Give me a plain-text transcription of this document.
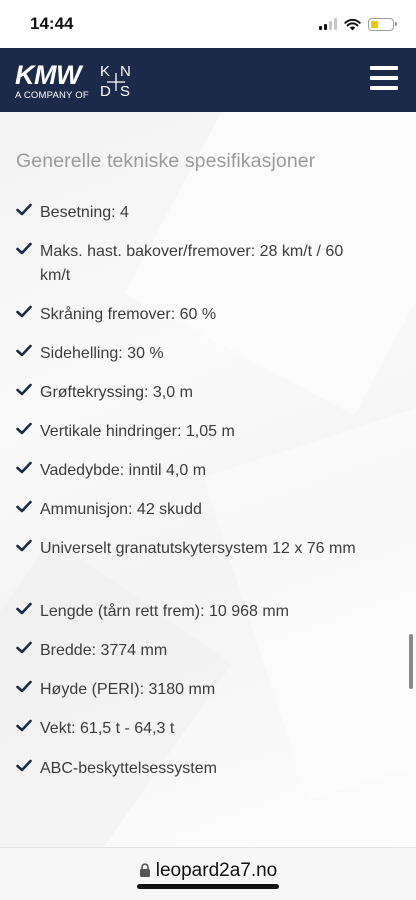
14:44
KMW
A COMPANY OF
K N
D S
Generelle tekniske spesifikasjoner
Besetning: 4
Maks. hast. bakover/fremover: 28 km/t / 60 km/t
Skråning fremover: 60 %
Sidehelling: 30 %
Grøftekryssing: 3,0 m
Vertikale hindringer: 1,05 m
Vadedybde: inntil 4,0 m
Ammunisjon: 42 skudd
Universelt granatutskytersystem 12 x 76 mm
Lengde (tårn rett frem): 10 968 mm
Bredde: 3774 mm
Høyde (PERI): 3180 mm
Vekt: 61,5 t - 64,3 t
ABC-beskyttelsessystem
leopard2a7.no
